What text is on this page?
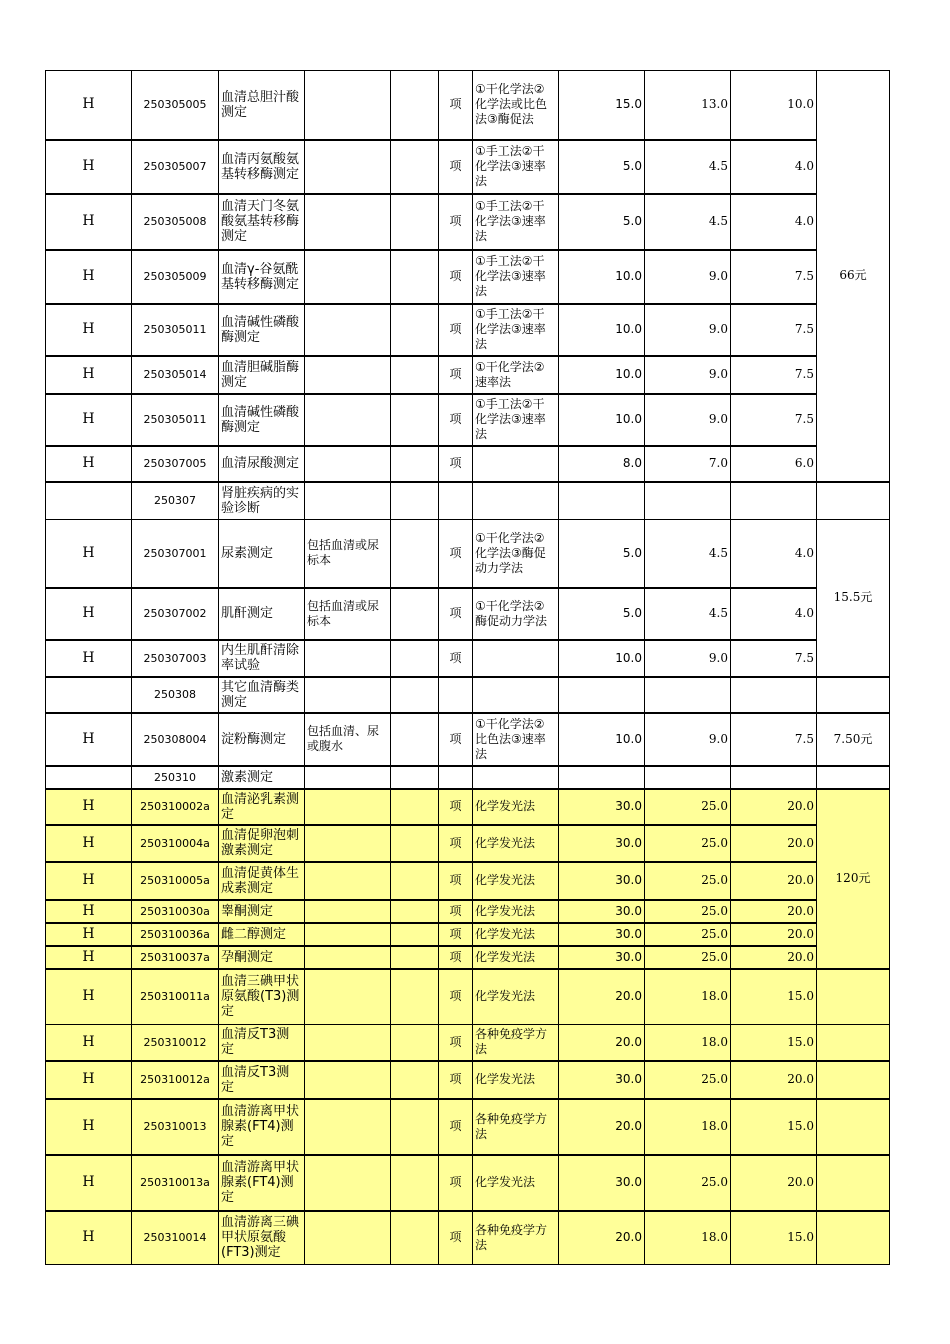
H	250305005	血清总胆汁酸测定			项	①干化学法②化学法或比色法③酶促法	15.0	13.0	10.0	66元
H	250305007	血清丙氨酸氨基转移酶测定			项	①手工法②干化学法③速率法	5.0	4.5	4.0	
H	250305008	血清天门冬氨酸氨基转移酶测定			项	①手工法②干化学法③速率法	5.0	4.5	4.0	
H	250305009	血清γ-谷氨酰基转移酶测定			项	①手工法②干化学法③速率法	10.0	9.0	7.5	
H	250305011	血清碱性磷酸酶测定			项	①手工法②干化学法③速率法	10.0	9.0	7.5	
H	250305014	血清胆碱脂酶测定			项	①干化学法②速率法	10.0	9.0	7.5	
H	250305011	血清碱性磷酸酶测定			项	①手工法②干化学法③速率法	10.0	9.0	7.5	
H	250307005	血清尿酸测定			项		8.0	7.0	6.0	
	250307	肾脏疾病的实验诊断								
H	250307001	尿素测定	包括血清或尿标本		项	①干化学法②化学法③酶促动力学法	5.0	4.5	4.0	15.5元
H	250307002	肌酐测定	包括血清或尿标本		项	①干化学法②酶促动力学法	5.0	4.5	4.0	
H	250307003	内生肌酐清除率试验			项		10.0	9.0	7.5	
	250308	其它血清酶类测定								
H	250308004	淀粉酶测定	包括血清、尿或腹水		项	①干化学法②比色法③速率法	10.0	9.0	7.5	7.50元
	250310	激素测定								
H	250310002a	血清泌乳素测定			项	化学发光法	30.0	25.0	20.0	120元
H	250310004a	血清促卵泡刺激素测定			项	化学发光法	30.0	25.0	20.0	
H	250310005a	血清促黄体生成素测定			项	化学发光法	30.0	25.0	20.0	
H	250310030a	睾酮测定			项	化学发光法	30.0	25.0	20.0	
H	250310036a	雌二醇测定			项	化学发光法	30.0	25.0	20.0	
H	250310037a	孕酮测定			项	化学发光法	30.0	25.0	20.0	
H	250310011a	血清三碘甲状原氨酸(T3)测定			项	化学发光法	20.0	18.0	15.0	
H	250310012	血清反T3测定			项	各种免疫学方法	20.0	18.0	15.0	
H	250310012a	血清反T3测定			项	化学发光法	30.0	25.0	20.0	
H	250310013	血清游离甲状腺素(FT4)测定			项	各种免疫学方法	20.0	18.0	15.0	
H	250310013a	血清游离甲状腺素(FT4)测定			项	化学发光法	30.0	25.0	20.0	
H	250310014	血清游离三碘甲状原氨酸(FT3)测定			项	各种免疫学方法	20.0	18.0	15.0	
